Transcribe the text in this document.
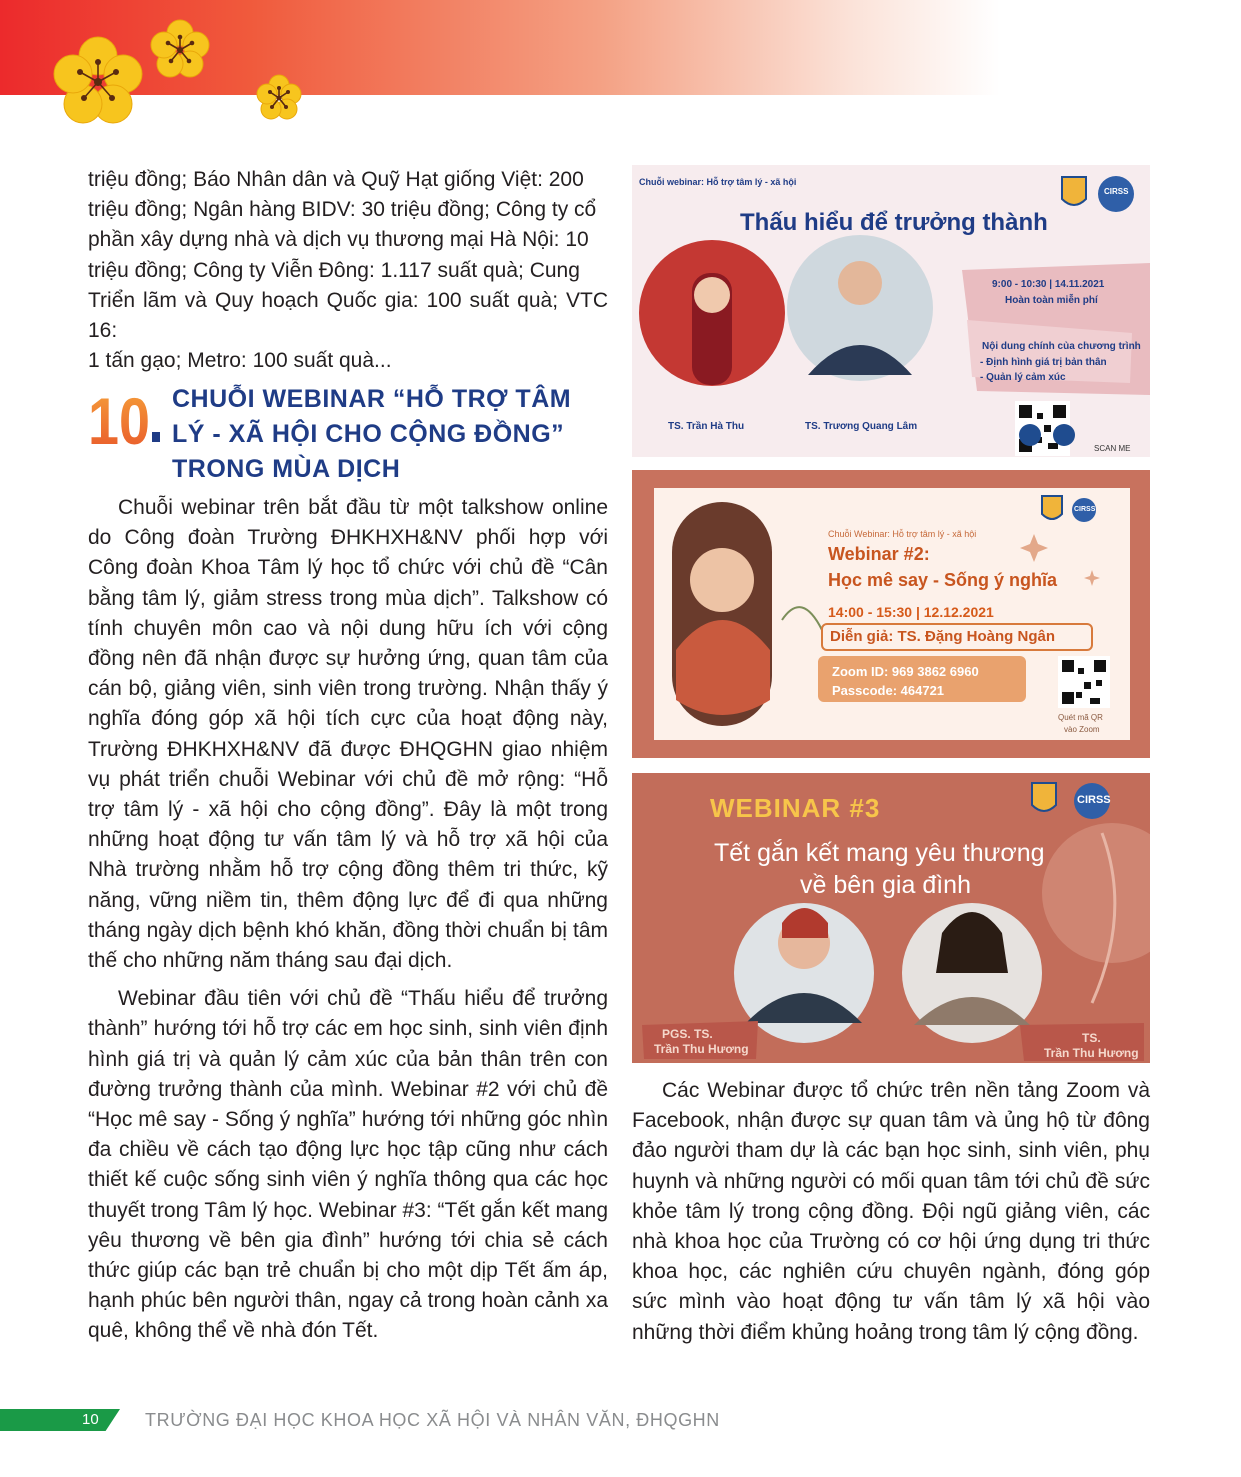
triệu đồng; Báo Nhân dân và Quỹ Hạt giống Việt: 200
triệu đồng; Ngân hàng BIDV: 30 triệu đồng; Công ty cổ
phần xây dựng nhà và dịch vụ thương mại Hà Nội: 10
triệu đồng; Công ty Viễn Đông: 1.117 suất quà; Cung
Triển lãm và Quy hoạch Quốc gia: 100 suất quà; VTC 16:
1 tấn gạo; Metro: 100 suất quà...
10 CHUỖI WEBINAR “HỖ TRỢ TÂM
LÝ - XÃ HỘI CHO CỘNG ĐỒNG”
TRONG MÙA DỊCH

Chuỗi webinar trên bắt đầu từ một talkshow online do Công đoàn Trường ĐHKHXH&NV phối hợp với Công đoàn Khoa Tâm lý học tổ chức với chủ đề “Cân bằng tâm lý, giảm stress trong mùa dịch”. Talkshow có tính chuyên môn cao và nội dung hữu ích với cộng đồng nên đã nhận được sự hưởng ứng, quan tâm của cán bộ, giảng viên, sinh viên trong trường. Nhận thấy ý nghĩa đóng góp xã hội tích cực của hoạt động này, Trường ĐHKHXH&NV đã được ĐHQGHN giao nhiệm vụ phát triển chuỗi Webinar với chủ đề mở rộng: “Hỗ trợ tâm lý - xã hội cho cộng đồng”. Đây là một trong những hoạt động tư vấn tâm lý và hỗ trợ xã hội của Nhà trường nhằm hỗ trợ cộng đồng thêm tri thức, kỹ năng, vững niềm tin, thêm động lực để đi qua những tháng ngày dịch bệnh khó khăn, đồng thời chuẩn bị tâm thế cho những năm tháng sau đại dịch.

Webinar đầu tiên với chủ đề “Thấu hiểu để trưởng thành” hướng tới hỗ trợ các em học sinh, sinh viên định hình giá trị và quản lý cảm xúc của bản thân trên con đường trưởng thành của mình. Webinar #2 với chủ đề “Học mê say - Sống ý nghĩa” hướng tới những góc nhìn đa chiều về cách tạo động lực học tập cũng như cách thiết kế cuộc sống sinh viên ý nghĩa thông qua các học thuyết trong Tâm lý học. Webinar #3: “Tết gắn kết mang yêu thương về bên gia đình” hướng tới chia sẻ cách thức giúp các bạn trẻ chuẩn bị cho một dịp Tết ấm áp, hạnh phúc bên người thân, ngay cả trong hoàn cảnh xa quê, không thể về nhà đón Tết.

Chuỗi webinar: Hỗ trợ tâm lý - xã hội
Thấu hiểu để trưởng thành
CIRSS
9:00 - 10:30 | 14.11.2021
Hoàn toàn miễn phí
Nội dung chính của chương trình
- Định hình giá trị bản thân
- Quản lý cảm xúc
TS. Trần Hà Thu	TS. Trương Quang Lâm
SCAN ME
Chuỗi Webinar: Hỗ trợ tâm lý - xã hội
Webinar #2:
Học mê say - Sống ý nghĩa
14:00 - 15:30 | 12.12.2021
Diễn giả: TS. Đặng Hoàng Ngân
Zoom ID: 969 3862 6960
Passcode: 464721
Quét mã QR
vào Zoom
CIRSS
WEBINAR #3
Tết gắn kết mang yêu thương
về bên gia đình
PGS. TS.
Trần Thu Hương
TS.
Trần Thu Hương
CIRSS

Các Webinar được tổ chức trên nền tảng Zoom và Facebook, nhận được sự quan tâm và ủng hộ từ đông đảo người tham dự là các bạn học sinh, sinh viên, phụ huynh và những người có mối quan tâm tới chủ đề sức khỏe tâm lý trong cộng đồng. Đội ngũ giảng viên, các nhà khoa học của Trường có cơ hội ứng dụng tri thức khoa học, các nghiên cứu chuyên ngành, đóng góp sức mình vào hoạt động tư vấn tâm lý xã hội vào những thời điểm khủng hoảng trong tâm lý cộng đồng.

10	TRƯỜNG ĐẠI HỌC KHOA HỌC XÃ HỘI VÀ NHÂN VĂN, ĐHQGHN
